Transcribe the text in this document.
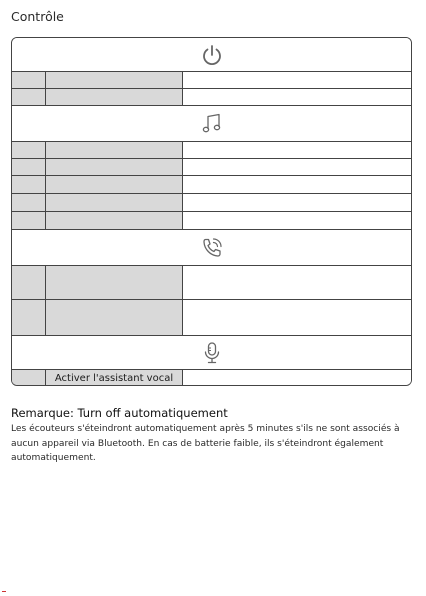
Contrôle
Activer l'assistant vocal
Remarque: Turn off automatiquement
Les écouteurs s'éteindront automatiquement après 5 minutes s'ils ne sont associés à aucun appareil via Bluetooth. En cas de batterie faible, ils s'éteindront également automatiquement.
